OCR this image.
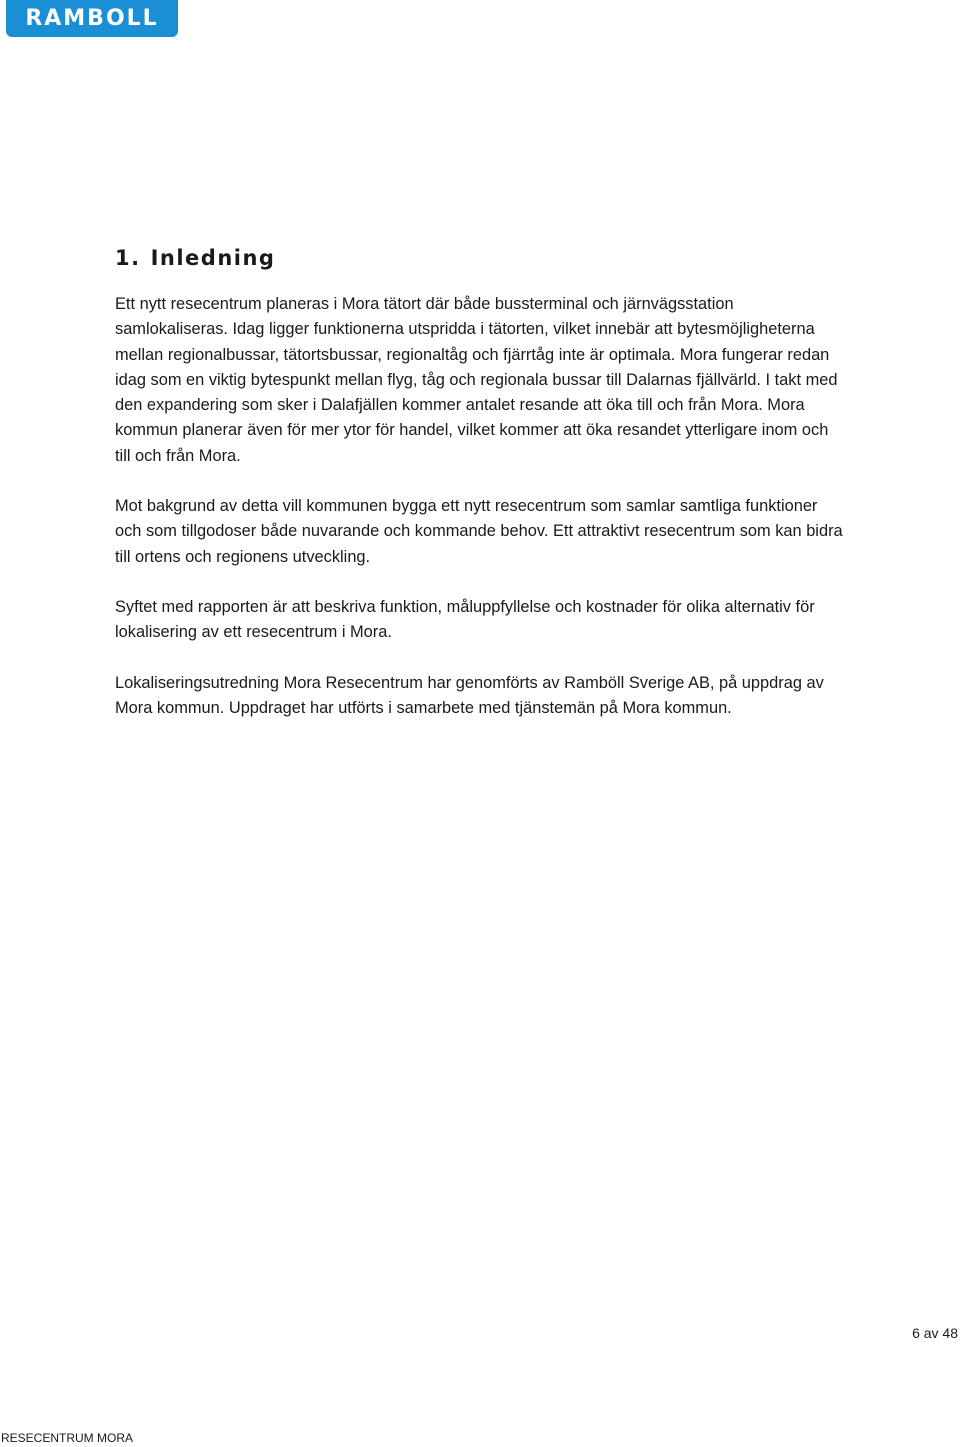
RAMBOLL
1. Inledning

Ett nytt resecentrum planeras i Mora tätort där både bussterminal och järnvägsstation samlokaliseras. Idag ligger funktionerna utspridda i tätorten, vilket innebär att bytesmöjligheterna mellan regionalbussar, tätortsbussar, regionaltåg och fjärrtåg inte är optimala. Mora fungerar redan idag som en viktig bytespunkt mellan flyg, tåg och regionala bussar till Dalarnas fjällvärld. I takt med den expandering som sker i Dalafjällen kommer antalet resande att öka till och från Mora. Mora kommun planerar även för mer ytor för handel, vilket kommer att öka resandet ytterligare inom och till och från Mora.

Mot bakgrund av detta vill kommunen bygga ett nytt resecentrum som samlar samtliga funktioner och som tillgodoser både nuvarande och kommande behov. Ett attraktivt resecentrum som kan bidra till ortens och regionens utveckling.

Syftet med rapporten är att beskriva funktion, måluppfyllelse och kostnader för olika alternativ för lokalisering av ett resecentrum i Mora.

Lokaliseringsutredning Mora Resecentrum har genomförts av Ramböll Sverige AB, på uppdrag av Mora kommun. Uppdraget har utförts i samarbete med tjänstemän på Mora kommun.

6 av 48
RESECENTRUM MORA
